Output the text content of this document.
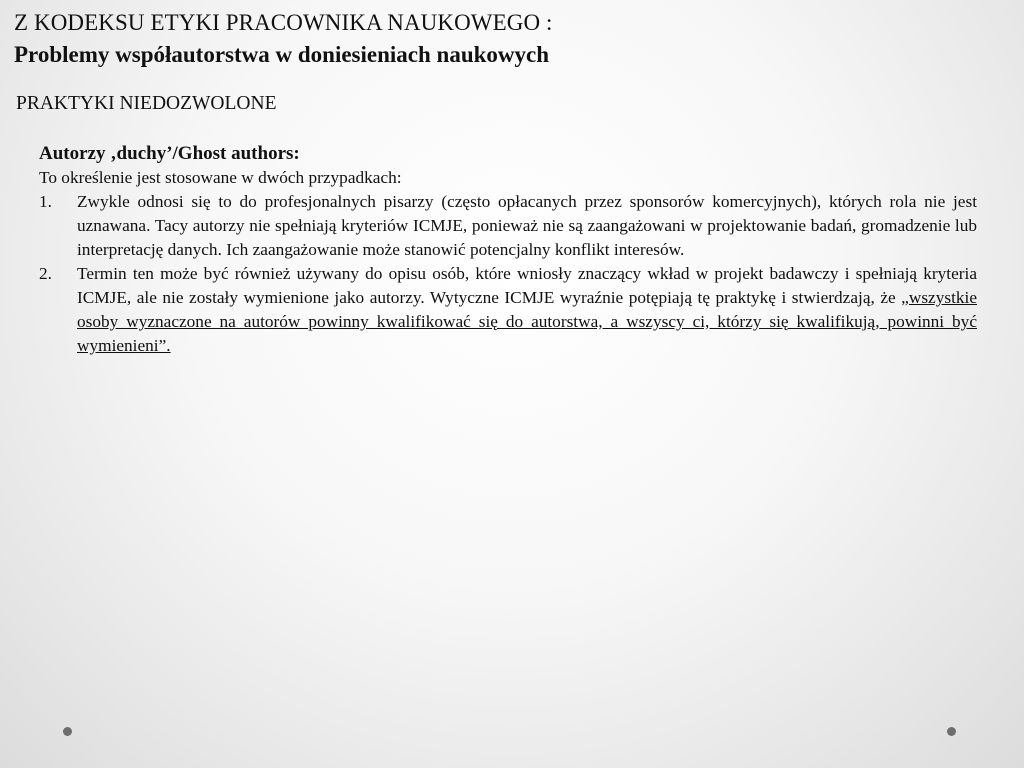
Z KODEKSU ETYKI PRACOWNIKA NAUKOWEGO :
Problemy współautorstwa w doniesieniach naukowych
PRAKTYKI NIEDOZWOLONE
Autorzy ‚duchy’/Ghost authors:

To określenie jest stosowane w dwóch przypadkach:

1. Zwykle odnosi się to do profesjonalnych pisarzy (często opłacanych przez sponsorów komercyjnych), których rola nie jest uznawana. Tacy autorzy nie spełniają kryteriów ICMJE, ponieważ nie są zaangażowani w projektowanie badań, gromadzenie lub interpretację danych. Ich zaangażowanie może stanowić potencjalny konflikt interesów.
2. Termin ten może być również używany do opisu osób, które wniosły znaczący wkład w projekt badawczy i spełniają kryteria ICMJE, ale nie zostały wymienione jako autorzy. Wytyczne ICMJE wyraźnie potępiają tę praktykę i stwierdzają, że „wszystkie osoby wyznaczone na autorów powinny kwalifikować się do autorstwa, a wszyscy ci, którzy się kwalifikują, powinni być wymienieni”.
